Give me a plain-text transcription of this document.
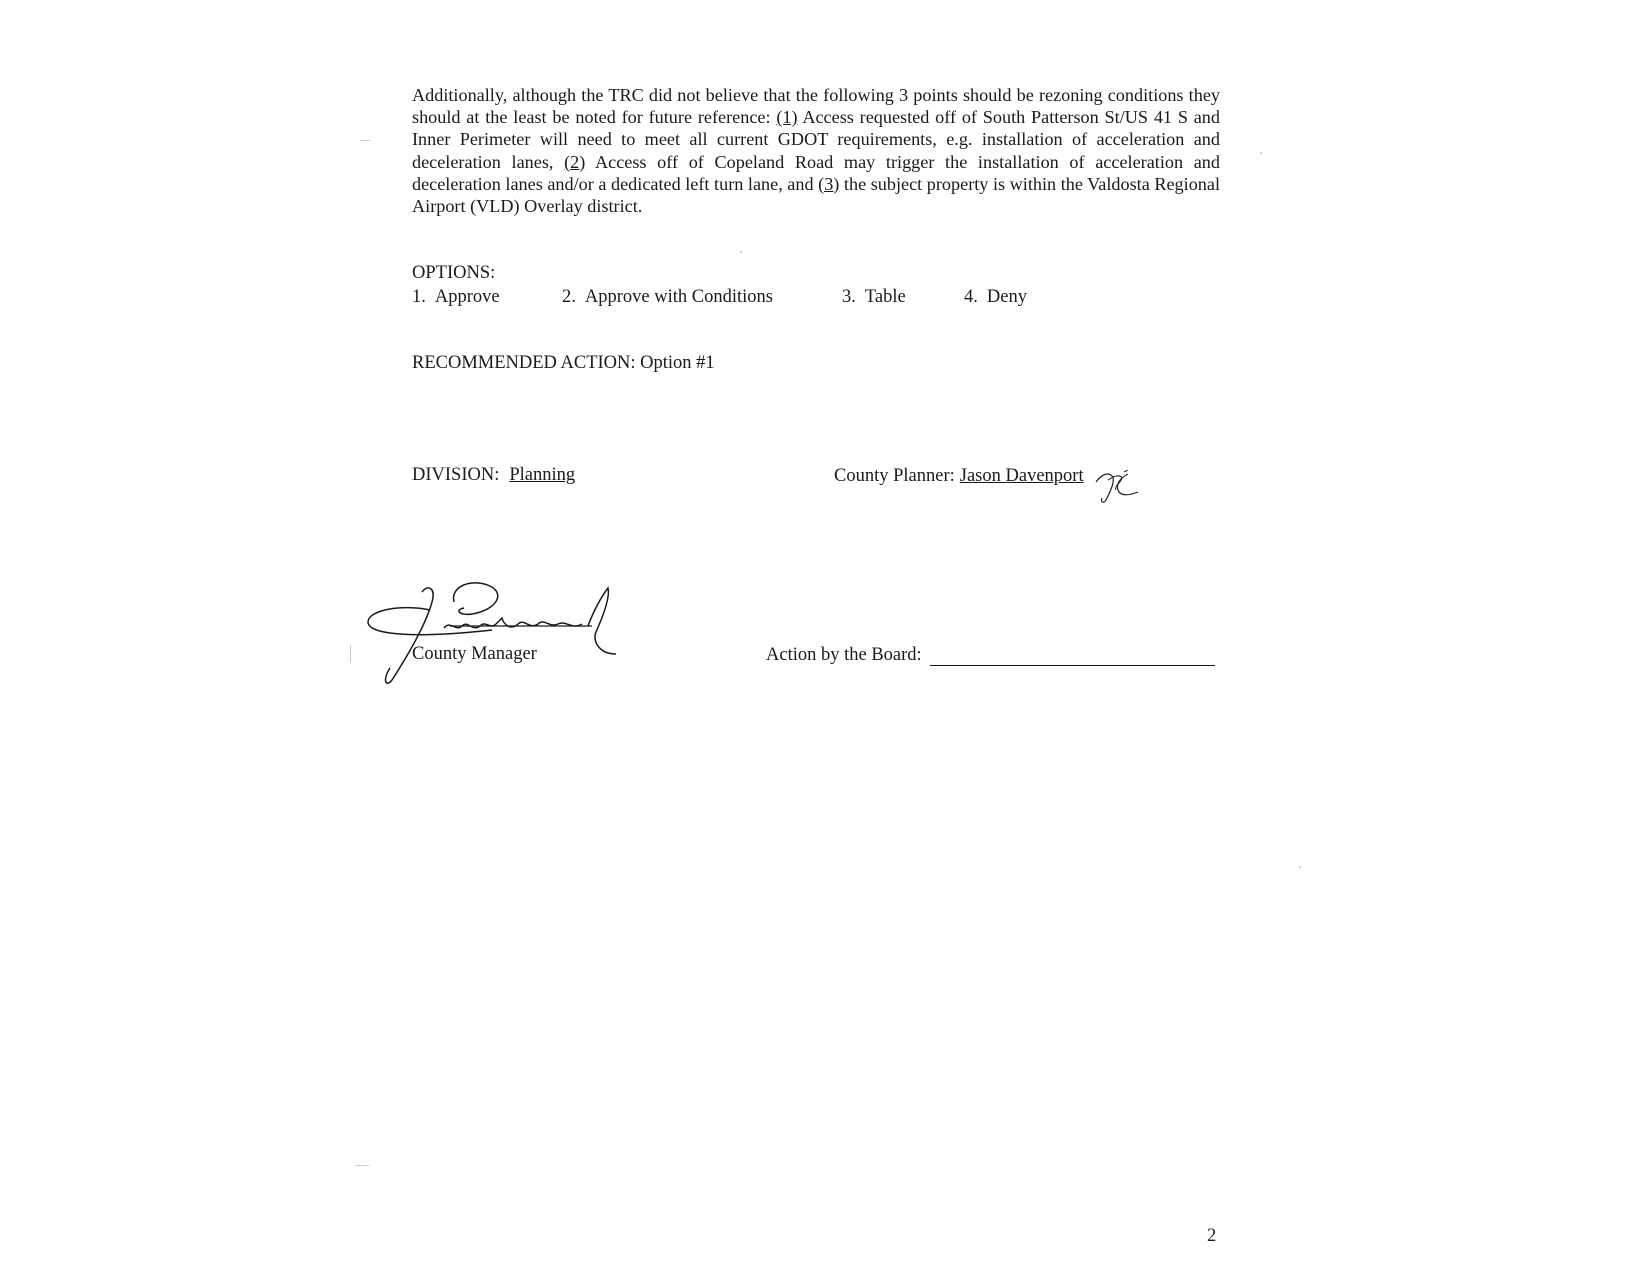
Additionally, although the TRC did not believe that the following 3 points should be rezoning conditions they should at the least be noted for future reference: (1) Access requested off of South Patterson St/US 41 S and Inner Perimeter will need to meet all current GDOT requirements, e.g. installation of acceleration and deceleration lanes, (2) Access off of Copeland Road may trigger the installation of acceleration and deceleration lanes and/or a dedicated left turn lane, and (3) the subject property is within the Valdosta Regional Airport (VLD) Overlay district.

OPTIONS:
1. Approve	2. Approve with Conditions	3. Table	4. Deny
RECOMMENDED ACTION: Option #1
DIVISION: Planning	County Planner: Jason Davenport
County Manager	Action by the Board:
2
